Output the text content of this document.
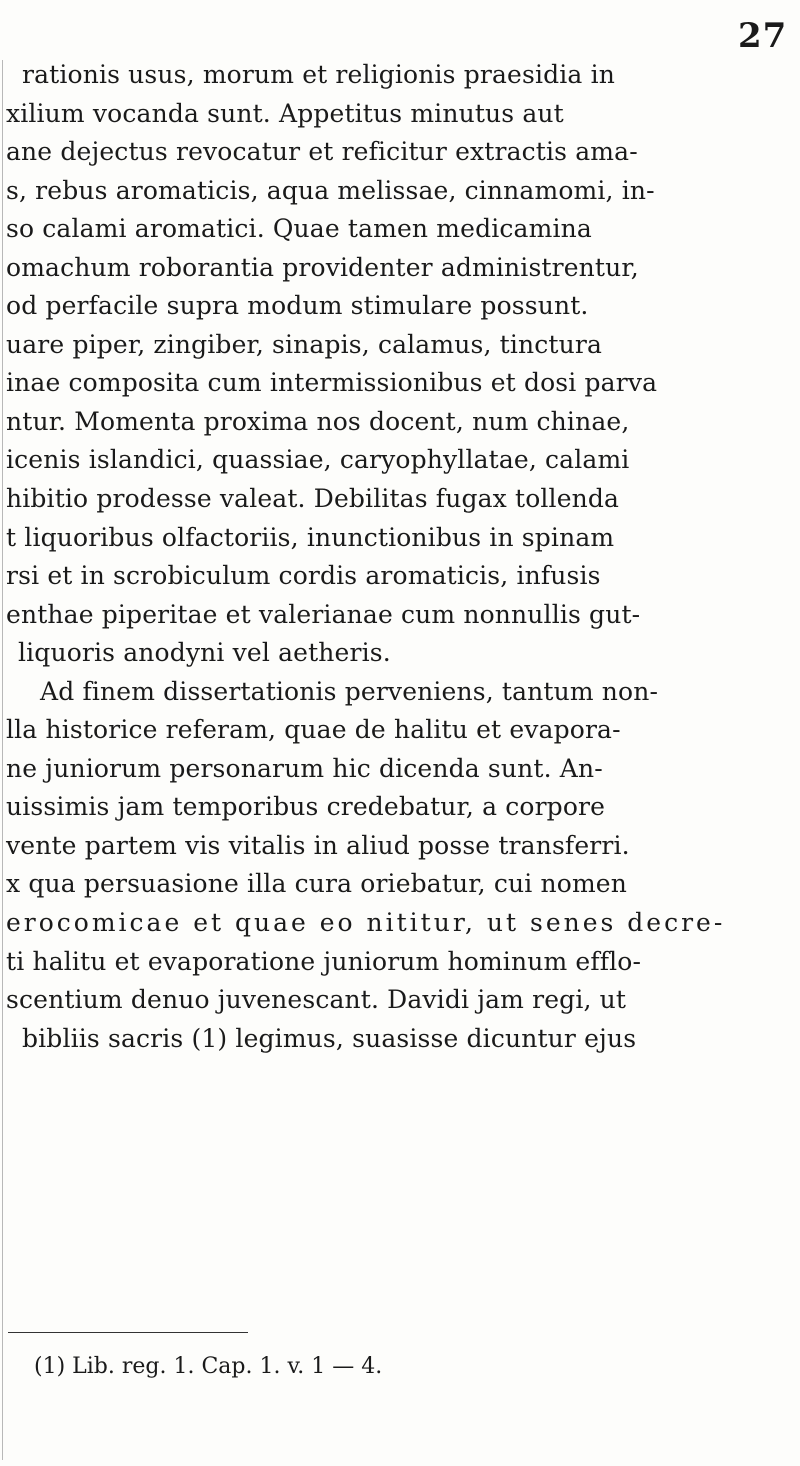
27
rationis usus, morum et religionis praesidia in
xilium vocanda sunt. Appetitus minutus aut
ane dejectus revocatur et reficitur extractis ama-
s, rebus aromaticis, aqua melissae, cinnamomi, in-
so calami aromatici. Quae tamen medicamina
omachum roborantia providenter administrentur,
od perfacile supra modum stimulare possunt.
uare piper, zingiber, sinapis, calamus, tinctura
inae composita cum intermissionibus et dosi parva
ntur. Momenta proxima nos docent, num chinae,
icenis islandici, quassiae, caryophyllatae, calami
hibitio prodesse valeat. Debilitas fugax tollenda
t liquoribus olfactoriis, inunctionibus in spinam
rsi et in scrobiculum cordis aromaticis, infusis
enthae piperitae et valerianae cum nonnullis gut-
liquoris anodyni vel aetheris.
Ad finem dissertationis perveniens, tantum non-
lla historice referam, quae de halitu et evapora-
ne juniorum personarum hic dicenda sunt. An-
uissimis jam temporibus credebatur, a corpore
vente partem vis vitalis in aliud posse transferri.
x qua persuasione illa cura oriebatur, cui nomen
erocomicae et quae eo nititur, ut senes decre-
ti halitu et evaporatione juniorum hominum efflo-
scentium denuo juvenescant. Davidi jam regi, ut
bibliis sacris (1) legimus, suasisse dicuntur ejus
(1) Lib. reg. 1. Cap. 1. v. 1 — 4.
